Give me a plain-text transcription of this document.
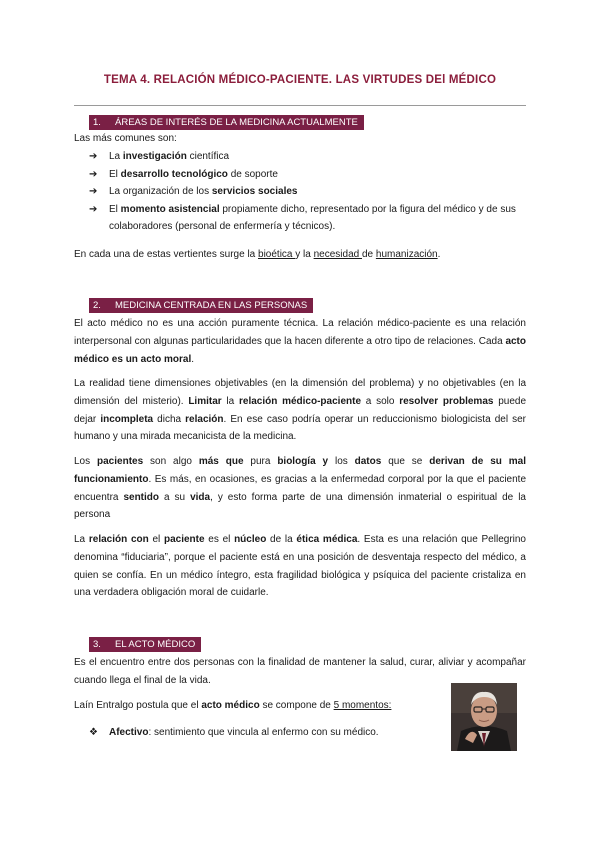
TEMA 4. RELACIÓN MÉDICO-PACIENTE. LAS VIRTUDES DEl MÉDICO
1. ÁREAS DE INTERÉS DE LA MEDICINA ACTUALMENTE
Las más comunes son:
➔ La investigación científica
➔ El desarrollo tecnológico de soporte
➔ La organización de los servicios sociales
➔ El momento asistencial propiamente dicho, representado por la figura del médico y de sus colaboradores (personal de enfermería y técnicos).
En cada una de estas vertientes surge la bioética y la necesidad de humanización.
2. MEDICINA CENTRADA EN LAS PERSONAS
El acto médico no es una acción puramente técnica. La relación médico-paciente es una relación interpersonal con algunas particularidades que la hacen diferente a otro tipo de relaciones. Cada acto médico es un acto moral.
La realidad tiene dimensiones objetivables (en la dimensión del problema) y no objetivables (en la dimensión del misterio). Limitar la relación médico-paciente a solo resolver problemas puede dejar incompleta dicha relación. En ese caso podría operar un reduccionismo biologicista del ser humano y una mirada mecanicista de la medicina.
Los pacientes son algo más que pura biología y los datos que se derivan de su mal funcionamiento. Es más, en ocasiones, es gracias a la enfermedad corporal por la que el paciente encuentra sentido a su vida, y esto forma parte de una dimensión inmaterial o espiritual de la persona
La relación con el paciente es el núcleo de la ética médica. Esta es una relación que Pellegrino denomina “fiduciaria”, porque el paciente está en una posición de desventaja respecto del médico, a quien se confía. En un médico íntegro, esta fragilidad biológica y psíquica del paciente cristaliza en una verdadera obligación moral de cuidarle.
3. EL ACTO MÉDICO
Es el encuentro entre dos personas con la finalidad de mantener la salud, curar, aliviar y acompañar cuando llega el final de la vida.
Laín Entralgo postula que el acto médico se compone de 5 momentos:
❖ Afectivo: sentimiento que vincula al enfermo con su médico.
